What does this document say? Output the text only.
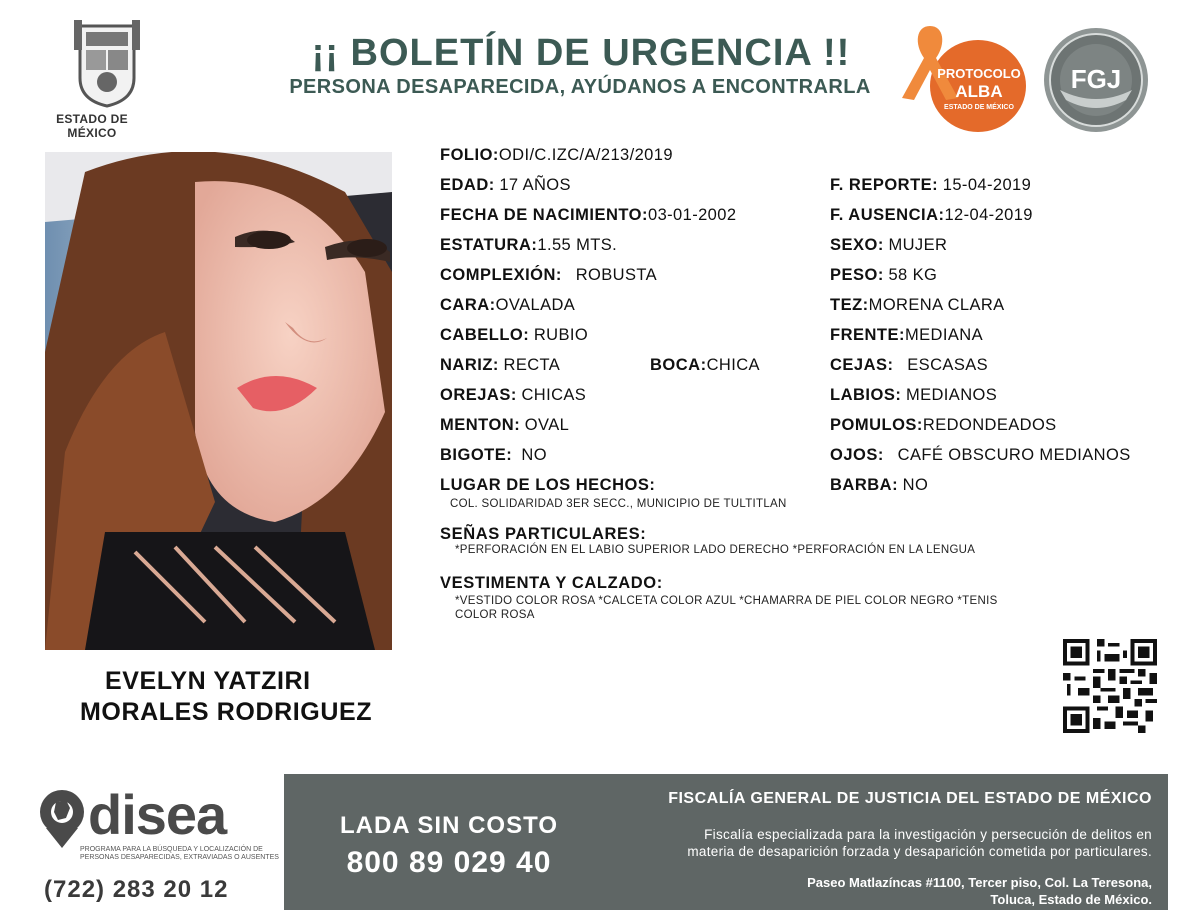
ESTADO DE MÉXICO
¡¡ BOLETÍN DE URGENCIA !!
PERSONA DESAPARECIDA, AYÚDANOS A ENCONTRARLA
PROTOCOLO
ALBA
ESTADO DE MÉXICO
FGJ
EVELYN YATZIRI
MORALES RODRIGUEZ
FOLIO:ODI/C.IZC/A/213/2019
EDAD: 17 AÑOS
FECHA DE NACIMIENTO:03-01-2002
ESTATURA:1.55 MTS.
COMPLEXIÓN: ROBUSTA
CARA:OVALADA
CABELLO: RUBIO
NARIZ: RECTA	BOCA:CHICA
OREJAS: CHICAS
MENTON: OVAL
BIGOTE: NO
LUGAR DE LOS HECHOS:
COL. SOLIDARIDAD 3ER SECC., MUNICIPIO DE TULTITLAN
F. REPORTE: 15-04-2019
F. AUSENCIA:12-04-2019
SEXO: MUJER
PESO: 58 KG
TEZ:MORENA CLARA
FRENTE:MEDIANA
CEJAS: ESCASAS
LABIOS: MEDIANOS
POMULOS:REDONDEADOS
OJOS: CAFÉ OBSCURO MEDIANOS
BARBA: NO
SEÑAS PARTICULARES:
*PERFORACIÓN EN EL LABIO SUPERIOR LADO DERECHO *PERFORACIÓN EN LA LENGUA
VESTIMENTA Y CALZADO:
*VESTIDO COLOR ROSA *CALCETA COLOR AZUL *CHAMARRA DE PIEL COLOR NEGRO *TENIS
COLOR ROSA
disea
PROGRAMA PARA LA BÚSQUEDA Y LOCALIZACIÓN DE PERSONAS DESAPARECIDAS, EXTRAVIADAS O AUSENTES
(722) 283 20 12
LADA SIN COSTO
800 89 029 40
FISCALÍA GENERAL DE JUSTICIA DEL ESTADO DE MÉXICO
Fiscalía especializada para la investigación y persecución de delitos en
materia de desaparición forzada y desaparición cometida por particulares.
Paseo Matlazíncas #1100, Tercer piso, Col. La Teresona,
Toluca, Estado de México.
